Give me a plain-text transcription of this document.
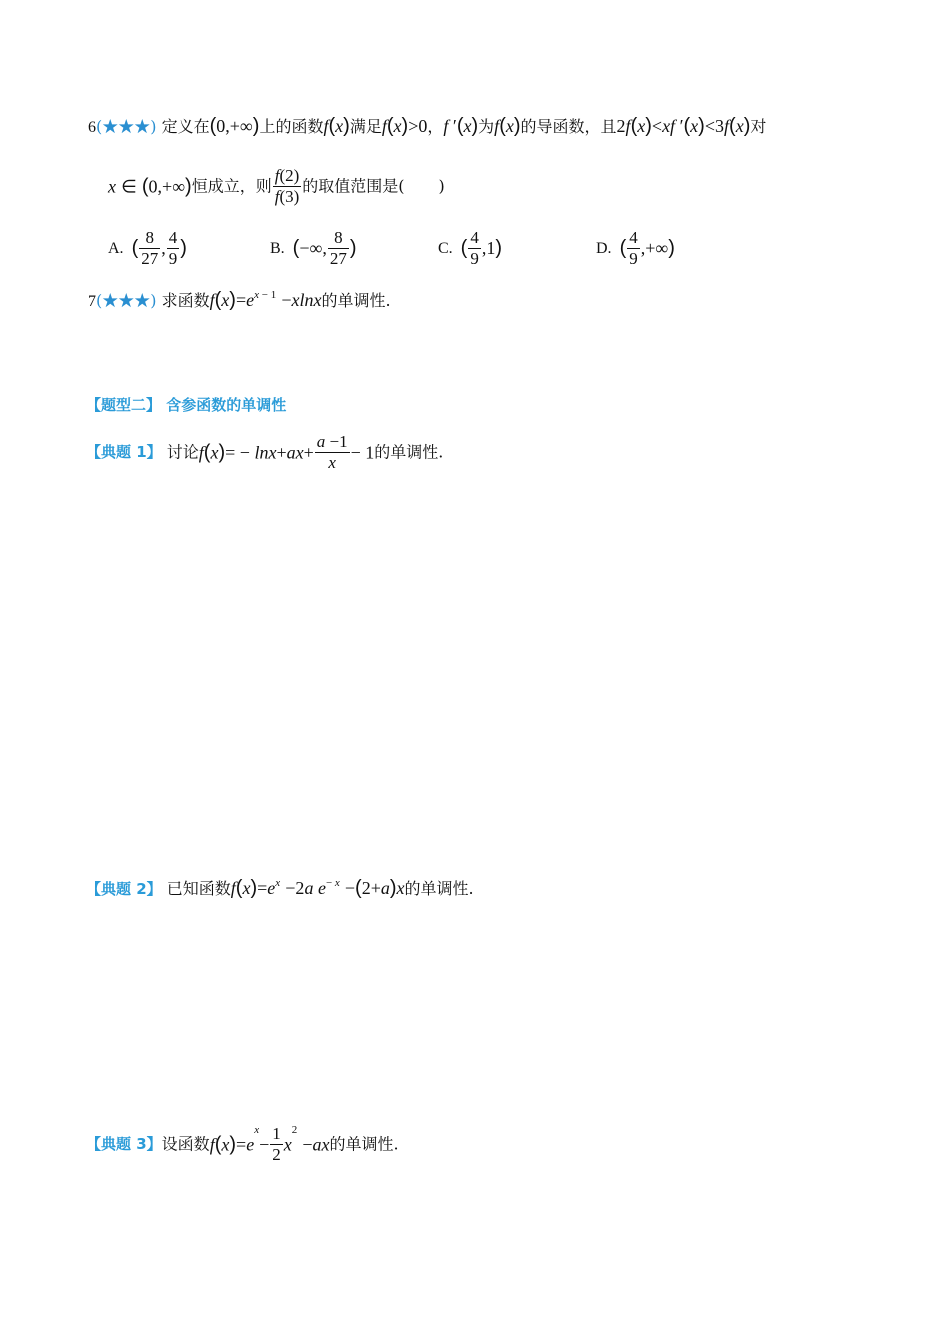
6(★★★) 定义在(0,+∞)上的函数f(x)满足f(x)>0，f ′(x)为f(x)的导函数，且2f(x)<xf ′(x)<3f(x)对
x ∈ (0,+∞)恒成立，则 $\frac{f(2)}{f(3)}$ 的取值范围是( )
A. ( $\frac{8}{27}$ , $\frac{4}{9}$ )	B. (−∞, $\frac{8}{27}$ )	C. ( $\frac{4}{9} ,1$)	D. ( $\frac{4}{9}$ ,+∞)
7(★★★) 求函数$f(x)=e^{x - 1} -xlnx$的单调性.
【题型二】 含参函数的单调性
【典题 1】 讨论$f(x)= - \ln x+ax+ \frac{a -1}{x} - 1$的单调性.
【典题 2】 已知函数$f(x)=e^x -2a$ $e^{- x} -(2+a)x$的单调性.
【典题 3】设函数$f(x)=e^x- \frac{1}{2} x^2 -ax$的单调性.
